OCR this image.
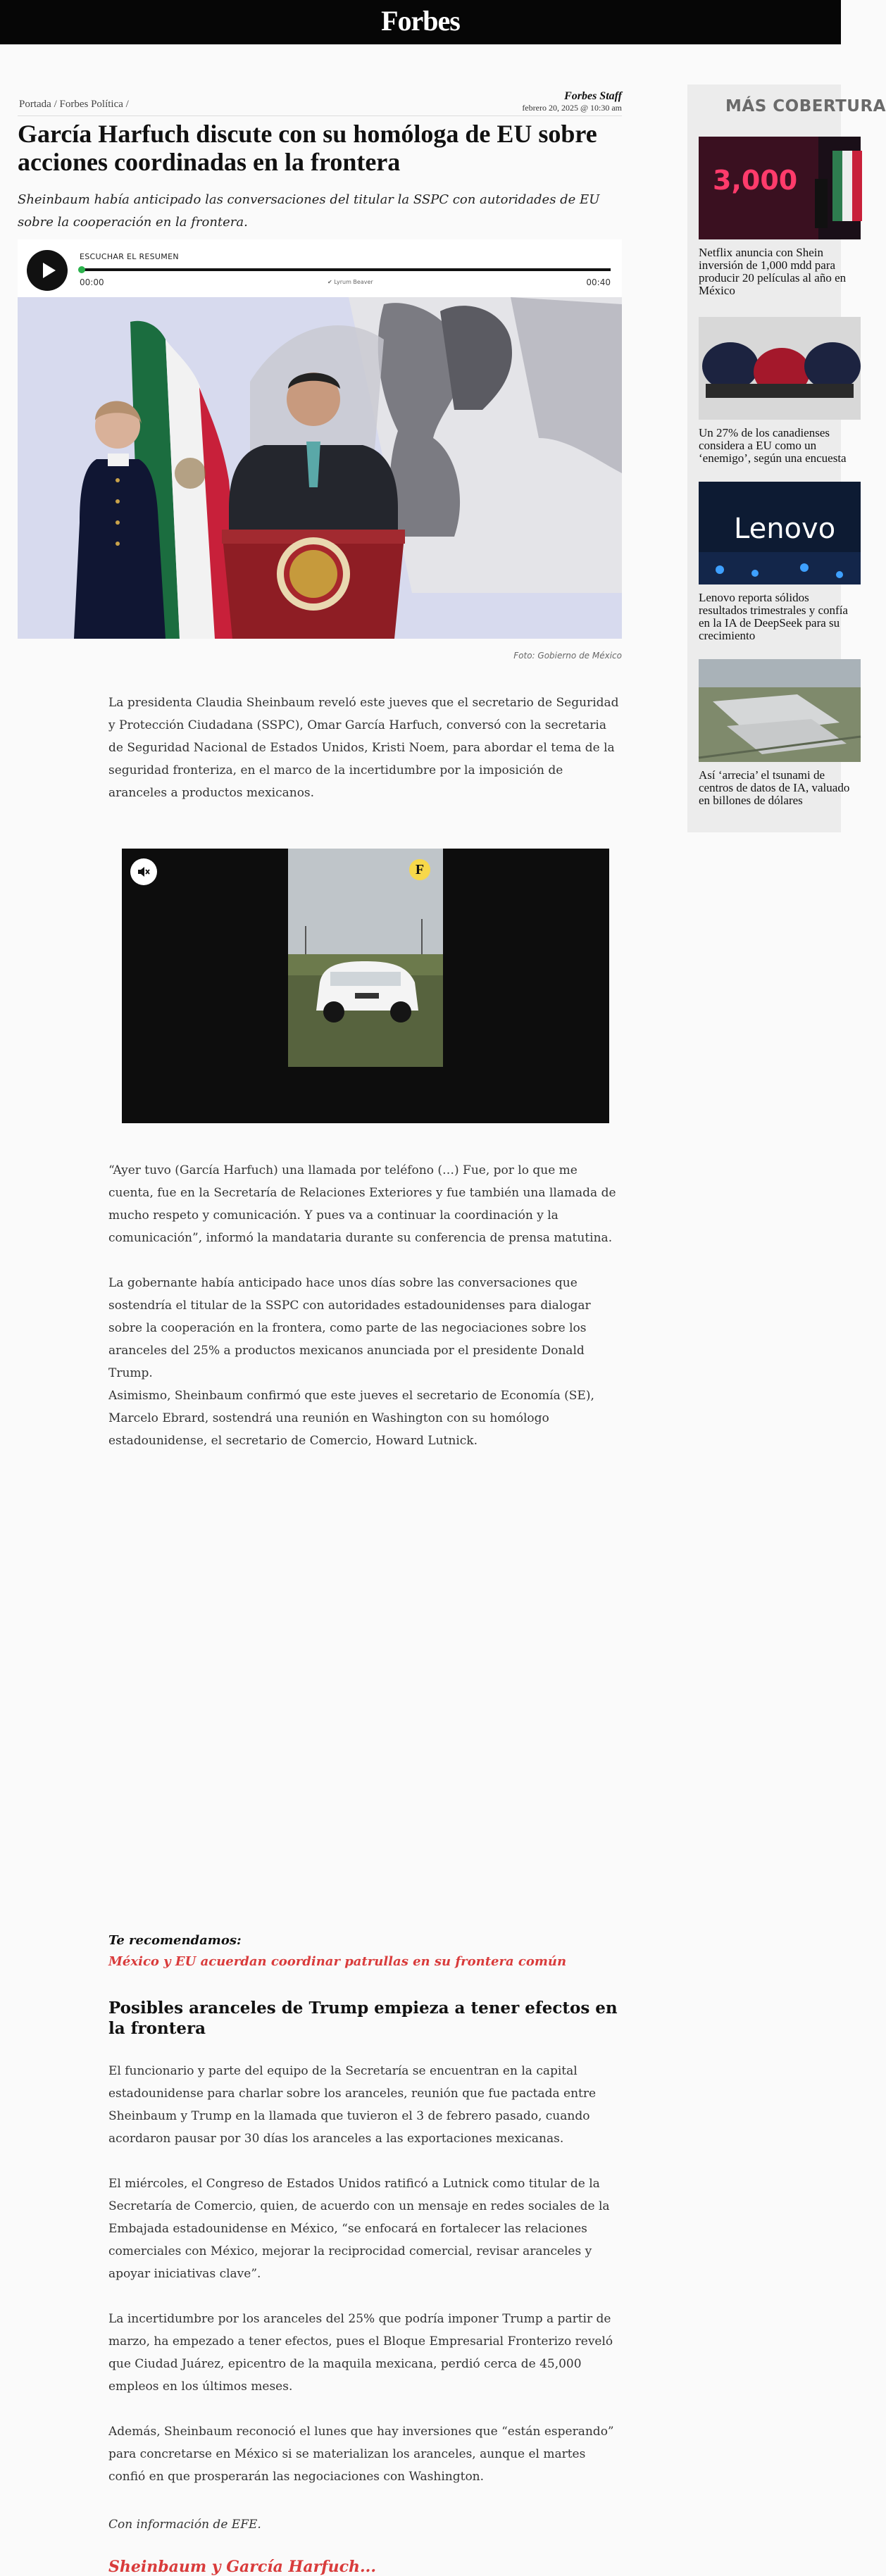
Forbes
Portada / Forbes Política /
Forbes Staff
febrero 20, 2025 @ 10:30 am
García Harfuch discute con su homóloga de EU sobre acciones coordinadas en la frontera

Sheinbaum había anticipado las conversaciones del titular la SSPC con autoridades de EU sobre la cooperación en la frontera.

ESCUCHAR EL RESUMEN
00:00	✔ Lyrum Beaver	00:40
Foto: Gobierno de México

La presidenta Claudia Sheinbaum reveló este jueves que el secretario de Seguridad y Protección Ciudadana (SSPC), Omar García Harfuch, conversó con la secretaria de Seguridad Nacional de Estados Unidos, Kristi Noem, para abordar el tema de la seguridad fronteriza, en el marco de la incertidumbre por la imposición de aranceles a productos mexicanos.

F

“Ayer tuvo (García Harfuch) una llamada por teléfono (…) Fue, por lo que me cuenta, fue en la Secretaría de Relaciones Exteriores y fue también una llamada de mucho respeto y comunicación. Y pues va a continuar la coordinación y la comunicación”, informó la mandataria durante su conferencia de prensa matutina.

La gobernante había anticipado hace unos días sobre las conversaciones que sostendría el titular de la SSPC con autoridades estadounidenses para dialogar sobre la cooperación en la frontera, como parte de las negociaciones sobre los aranceles del 25% a productos mexicanos anunciada por el presidente Donald Trump.

Asimismo, Sheinbaum confirmó que este jueves el secretario de Economía (SE), Marcelo Ebrard, sostendrá una reunión en Washington con su homólogo estadounidense, el secretario de Comercio, Howard Lutnick.

Te recomendamos:
México y EU acuerdan coordinar patrullas en su frontera común
Posibles aranceles de Trump empieza a tener efectos en la frontera

El funcionario y parte del equipo de la Secretaría se encuentran en la capital estadounidense para charlar sobre los aranceles, reunión que fue pactada entre Sheinbaum y Trump en la llamada que tuvieron el 3 de febrero pasado, cuando acordaron pausar por 30 días los aranceles a las exportaciones mexicanas.

El miércoles, el Congreso de Estados Unidos ratificó a Lutnick como titular de la Secretaría de Comercio, quien, de acuerdo con un mensaje en redes sociales de la Embajada estadounidense en México, “se enfocará en fortalecer las relaciones comerciales con México, mejorar la reciprocidad comercial, revisar aranceles y apoyar iniciativas clave”.

La incertidumbre por los aranceles del 25% que podría imponer Trump a partir de marzo, ha empezado a tener efectos, pues el Bloque Empresarial Fronterizo reveló que Ciudad Juárez, epicentro de la maquila mexicana, perdió cerca de 45,000 empleos en los últimos meses.

Además, Sheinbaum reconoció el lunes que hay inversiones que “están esperando” para concretarse en México si se materializan los aranceles, aunque el martes confió en que prosperarán las negociaciones con Washington.

Con información de EFE.
Sheinbaum y García Harfuch...
MÁS COBERTURA
3,000
Netflix anuncia con Shein
inversión de 1,000 mdd para
producir 20 películas al año en
México
Un 27% de los canadienses
considera a EU como un
‘enemigo’, según una encuesta
Lenovo
Lenovo reporta sólidos
resultados trimestrales y confía
en la IA de DeepSeek para su
crecimiento
Así ‘arrecia’ el tsunami de
centros de datos de IA, valuado
en billones de dólares
